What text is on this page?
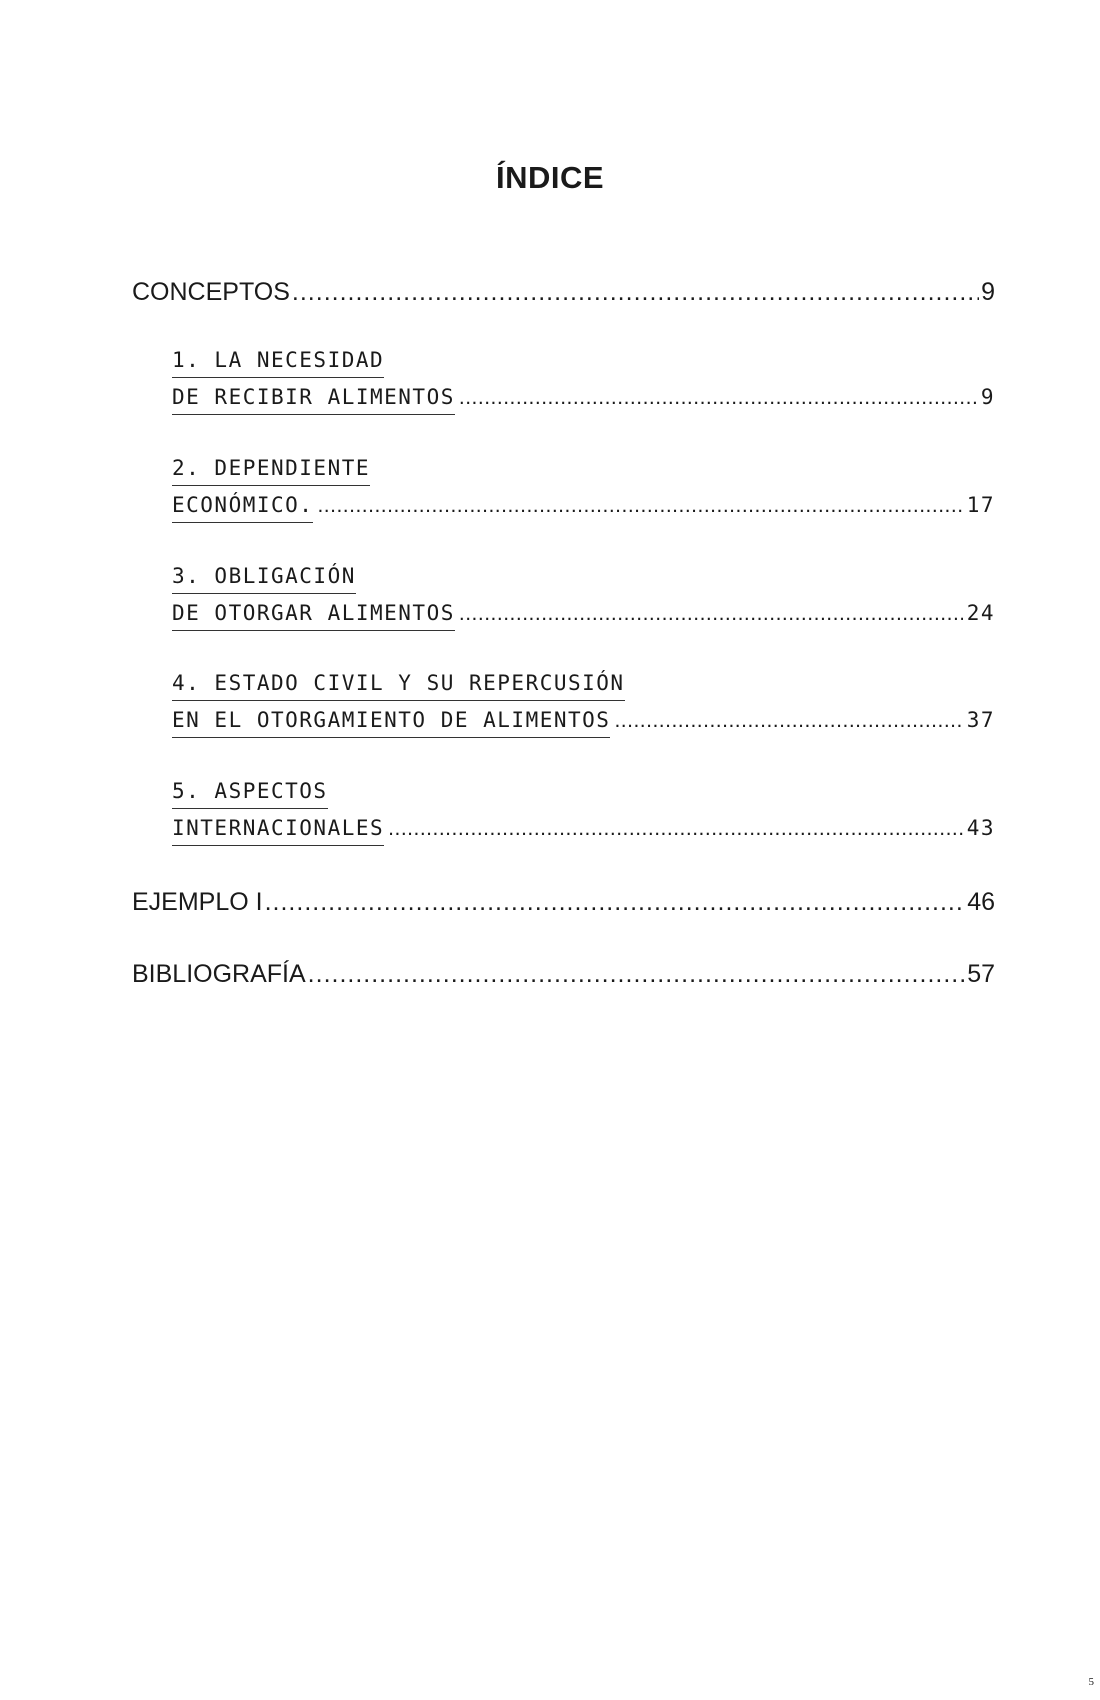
ÍNDICE
CONCEPTOS .....	9
1. LA NECESIDAD
DE RECIBIR ALIMENTOS .....	9
2. DEPENDIENTE
ECONÓMICO. .....	17
3. OBLIGACIÓN
DE OTORGAR ALIMENTOS .....	24
4. ESTADO CIVIL Y SU REPERCUSIÓN
EN EL OTORGAMIENTO DE ALIMENTOS .....	37
5. ASPECTOS
INTERNACIONALES .....	43
EJEMPLO I .....	46
BIBLIOGRAFÍA .....	57
5
